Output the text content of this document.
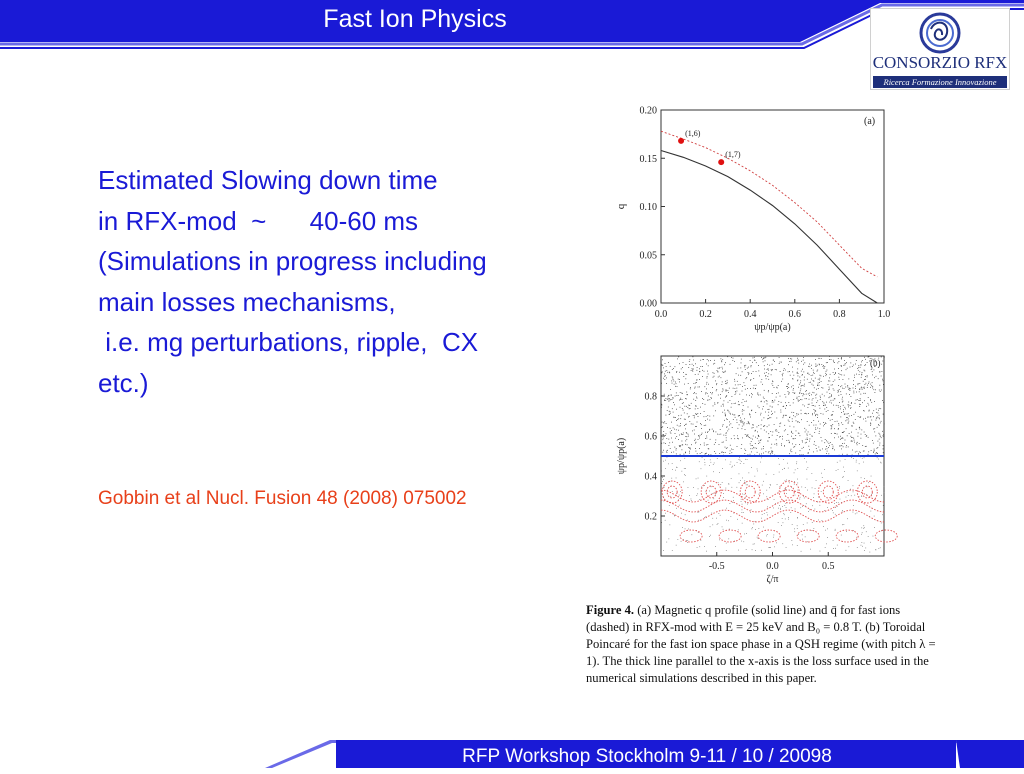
Fast Ion Physics
CONSORZIO RFX
Ricerca Formazione Innovazione
Estimated Slowing down time
in RFX-mod  ~      40-60 ms
(Simulations in progress including
main losses mechanisms,
i.e. mg perturbations, ripple,  CX
etc.)
Gobbin et al Nucl. Fusion 48 (2008) 075002
0.0	0.2	0.4	0.6	0.8	1.0
0.00
0.05
0.10
0.15
0.20
ψp/ψp(a)
q
(a)
(1,6)
(1,7)
-0.5	0.0	0.5
0.2
0.4
0.6
0.8
ζ/π
ψp/ψp(a)
(b)
Figure 4. (a) Magnetic q profile (solid line) and q̄ for fast ions (dashed) in RFX-mod with E = 25 keV and B₀ = 0.8 T. (b) Toroidal Poincaré for the fast ion space phase in a QSH regime (with pitch λ = 1). The thick line parallel to the x-axis is the loss surface used in the numerical simulations described in this paper.
RFP Workshop Stockholm 9-11 / 10 / 20098
